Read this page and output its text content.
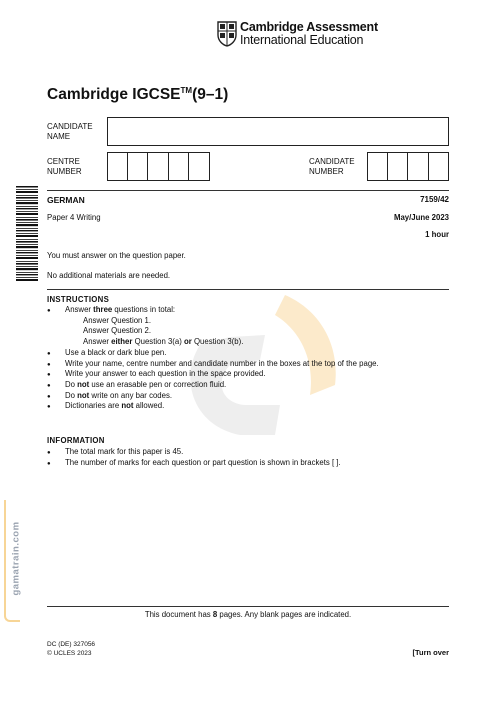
Cambridge Assessment
International Education
Cambridge IGCSE™(9–1)
CANDIDATE
NAME
CENTRE
NUMBER
CANDIDATE
NUMBER
GERMAN	7159/42
Paper 4 Writing	May/June 2023
1 hour
You must answer on the question paper.
No additional materials are needed.
INSTRUCTIONS
● Answer three questions in total:
Answer Question 1.
Answer Question 2.
Answer either Question 3(a) or Question 3(b).
● Use a black or dark blue pen.
● Write your name, centre number and candidate number in the boxes at the top of the page.
● Write your answer to each question in the space provided.
● Do not use an erasable pen or correction fluid.
● Do not write on any bar codes.
● Dictionaries are not allowed.
INFORMATION
● The total mark for this paper is 45.
● The number of marks for each question or part question is shown in brackets [ ].
gamatrain.com
This document has 8 pages. Any blank pages are indicated.
DC (DE) 327056
© UCLES 2023	[Turn over
